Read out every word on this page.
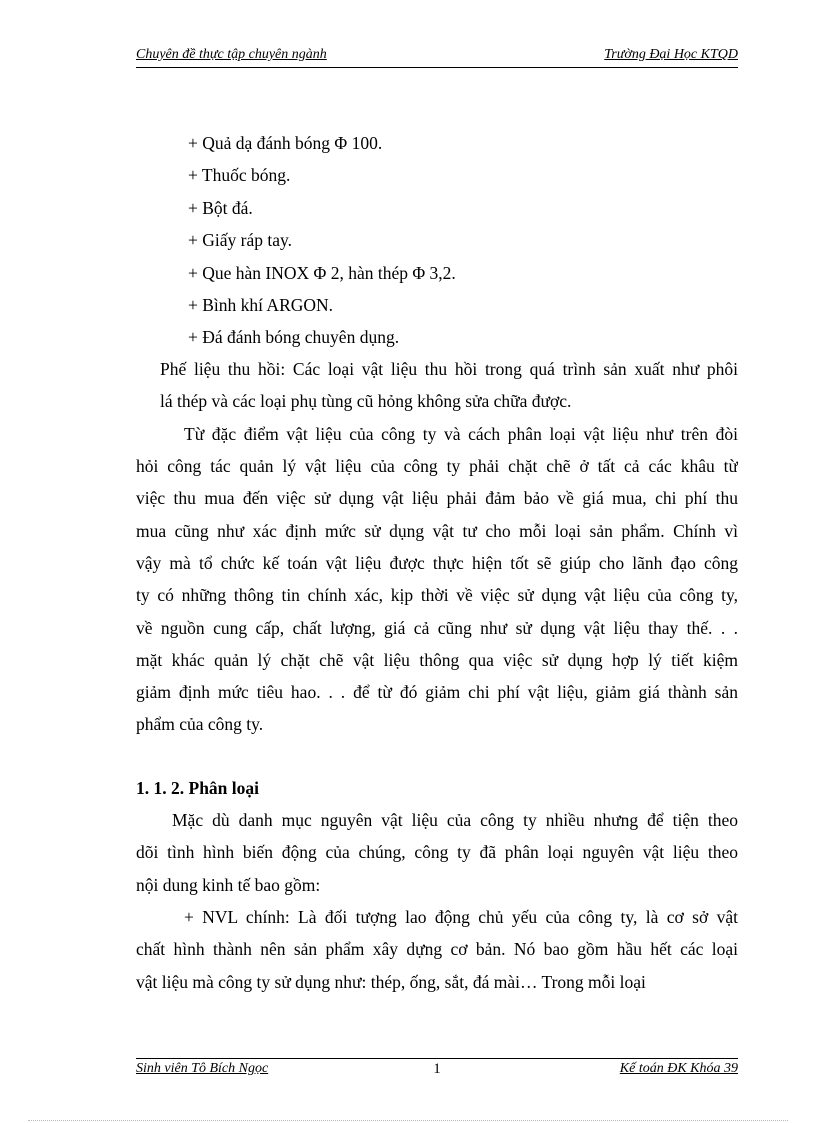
Chuyên đề thực tập chuyên ngành	Trường Đại Học KTQD
+ Quả dạ đánh bóng Φ 100.
+ Thuốc bóng.
+ Bột đá.
+ Giấy ráp tay.
+ Que hàn INOX Φ 2, hàn thép Φ 3,2.
+ Bình khí ARGON.
+ Đá đánh bóng chuyên dụng.
Phế liệu thu hồi: Các loại vật liệu thu hồi trong quá trình sản xuất như phôi
lá thép và các loại phụ tùng cũ hỏng không sửa chữa được.
Từ đặc điểm vật liệu của công ty và cách phân loại vật liệu như trên đòi
hỏi công tác quản lý vật liệu của công ty phải chặt chẽ ở tất cả các khâu từ
việc thu mua đến việc sử dụng vật liệu phải đảm bảo về giá mua, chi phí thu
mua cũng như xác định mức sử dụng vật tư cho mỗi loại sản phẩm. Chính vì
vậy mà tổ chức kế toán vật liệu được thực hiện tốt sẽ giúp cho lãnh đạo công
ty có những thông tin chính xác, kịp thời về việc sử dụng vật liệu của công ty,
về nguồn cung cấp, chất lượng, giá cả cũng như sử dụng vật liệu thay thế. . .
mặt khác quản lý chặt chẽ vật liệu thông qua việc sử dụng hợp lý tiết kiệm
giảm định mức tiêu hao. . . để từ đó giảm chi phí vật liệu, giảm giá thành sản
phẩm của công ty.
1. 1. 2. Phân loại
Mặc dù danh mục nguyên vật liệu của công ty nhiều nhưng để tiện theo
dõi tình hình biến động của chúng, công ty đã phân loại nguyên vật liệu theo
nội dung kinh tế bao gồm:
+ NVL chính: Là đối tượng lao động chủ yếu của công ty, là cơ sở vật
chất hình thành nên sản phẩm xây dựng cơ bản. Nó bao gồm hầu hết các loại
vật liệu mà công ty sử dụng như: thép, ống, sắt, đá mài… Trong mỗi loại
Sinh viên Tô Bích Ngọc	1	Kế toán ĐK Khóa 39
